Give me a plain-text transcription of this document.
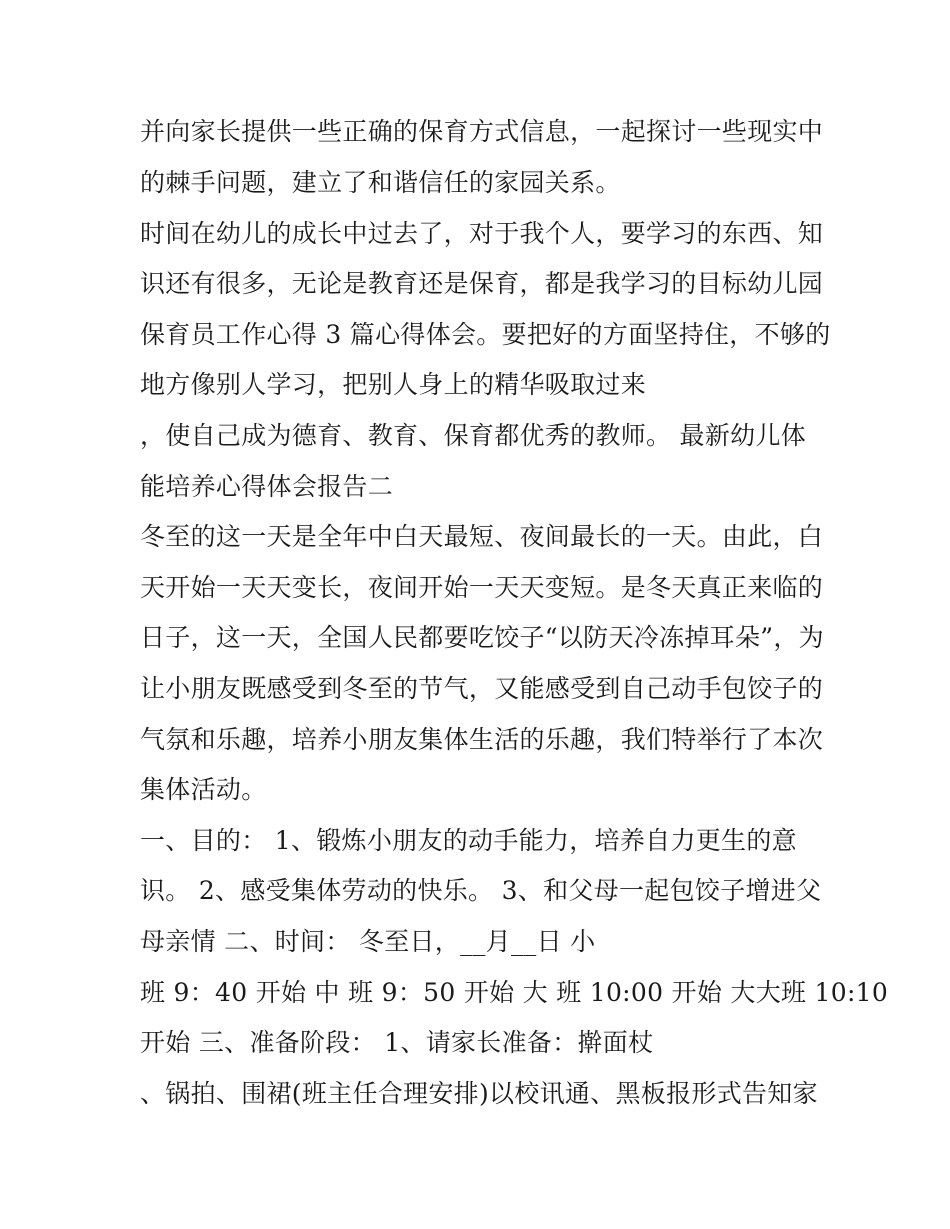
并向家长提供一些正确的保育方式信息，一起探讨一些现实中
的棘手问题，建立了和谐信任的家园关系。
时间在幼儿的成长中过去了，对于我个人，要学习的东西、知
识还有很多，无论是教育还是保育，都是我学习的目标幼儿园
保育员工作心得 3 篇心得体会。要把好的方面坚持住，不够的
地方像别人学习，把别人身上的精华吸取过来
，使自己成为德育、教育、保育都优秀的教师。 最新幼儿体
能培养心得体会报告二
冬至的这一天是全年中白天最短、夜间最长的一天。由此，白
天开始一天天变长，夜间开始一天天变短。是冬天真正来临的
日子，这一天，全国人民都要吃饺子“以防天冷冻掉耳朵”，为
让小朋友既感受到冬至的节气，又能感受到自己动手包饺子的
气氛和乐趣，培养小朋友集体生活的乐趣，我们特举行了本次
集体活动。
一、目的： 1、锻炼小朋友的动手能力，培养自力更生的意
识。 2、感受集体劳动的快乐。 3、和父母一起包饺子增进父
母亲情 二、时间： 冬至日，__月__日 小
班 9：40 开始 中 班 9：50 开始 大 班 10:00 开始 大大班 10:10
开始 三、准备阶段： 1、请家长准备：擀面杖
、锅拍、围裙(班主任合理安排)以校讯通、黑板报形式告知家
